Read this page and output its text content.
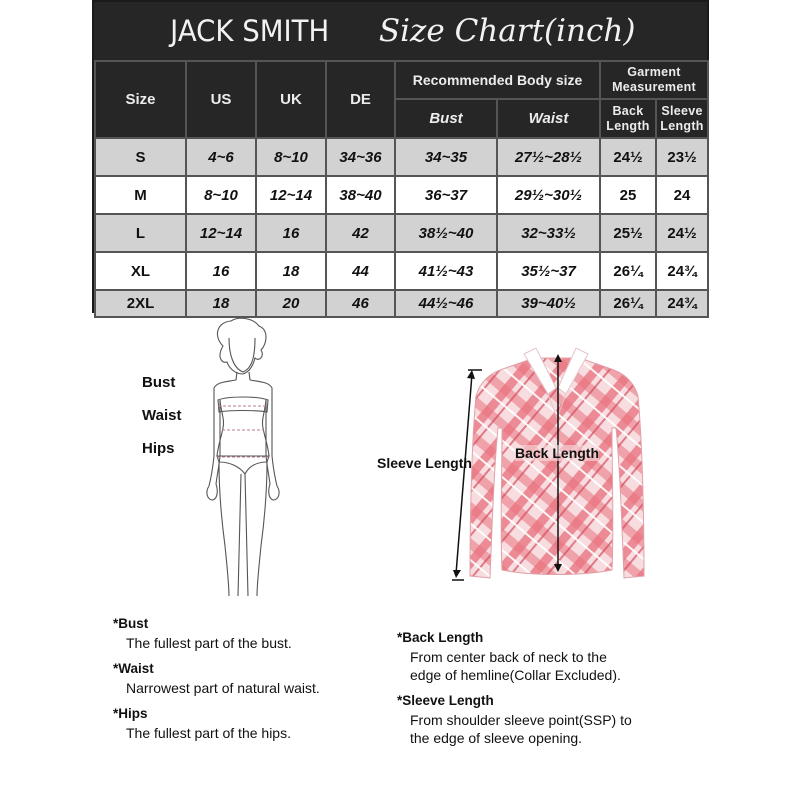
JACK SMITH Size Chart(inch)
Size	US	UK	DE	Recommended Body size		Garment Measurement	
				Bust	Waist	Back Length	Sleeve Length
S	4~6	8~10	34~36	34~35	27½~28½	24½	23½
M	8~10	12~14	38~40	36~37	29½~30½	25	24
L	12~14	16	42	38½~40	32~33½	25½	24½
XL	16	18	44	41½~43	35½~37	26¼	24¾
2XL	18	20	46	44½~46	39~40½	26¼	24¾
Bust
Waist
Hips
Sleeve Length
Back Length
*Bust
The fullest part of the bust.
*Waist
Narrowest part of natural waist.
*Hips
The fullest part of the hips.
*Back Length
From center back of neck to the
edge of hemline(Collar Excluded).
*Sleeve Length
From shoulder sleeve point(SSP) to
the edge of sleeve opening.
